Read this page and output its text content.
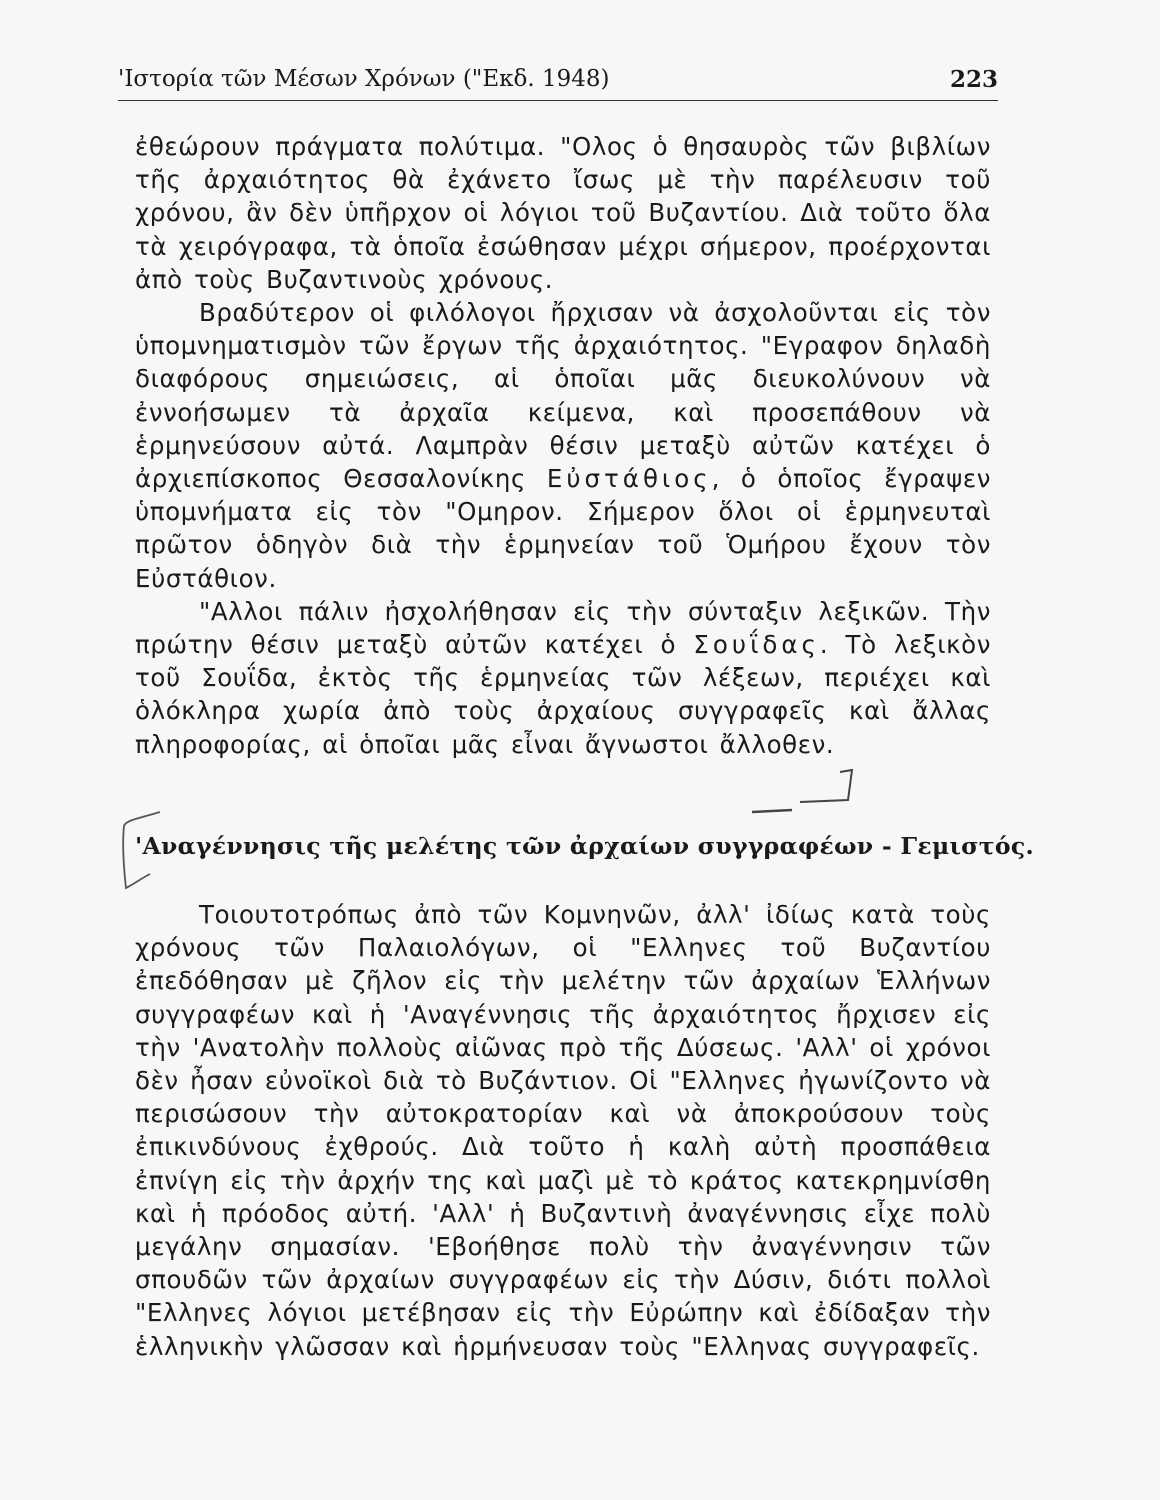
'Ιστορία τῶν Μέσων Χρόνων ("Εκδ. 1948)	223

ἐθεώρουν πράγματα πολύτιμα. "Ολος ὁ θησαυρὸς τῶν βιβλίων τῆς ἀρχαιότητος θὰ ἐχάνετο ἴσως μὲ τὴν παρέλευσιν τοῦ χρόνου, ἂν δὲν ὑπῆρχον οἱ λόγιοι τοῦ Βυζαντίου. Διὰ τοῦτο ὅλα τὰ χειρόγραφα, τὰ ὁποῖα ἐσώθησαν μέχρι σήμερον, προέρχονται ἀπὸ τοὺς Βυζαντινοὺς χρόνους.

Βραδύτερον οἱ φιλόλογοι ἤρχισαν νὰ ἀσχολοῦνται εἰς τὸν ὑπομνηματισμὸν τῶν ἔργων τῆς ἀρχαιότητος. "Εγραφον δηλαδὴ διαφόρους σημειώσεις, αἱ ὁποῖαι μᾶς διευκολύνουν νὰ ἐννοήσωμεν τὰ ἀρχαῖα κείμενα, καὶ προσεπάθουν νὰ ἑρμηνεύσουν αὐτά. Λαμπρὰν θέσιν μεταξὺ αὐτῶν κατέχει ὁ ἀρχιεπίσκοπος Θεσσαλονίκης Εὐστάθιος, ὁ ὁποῖος ἔγραψεν ὑπομνήματα εἰς τὸν "Ομηρον. Σήμερον ὅλοι οἱ ἑρμηνευταὶ πρῶτον ὁδηγὸν διὰ τὴν ἑρμηνείαν τοῦ Ὁμήρου ἔχουν τὸν Εὐστάθιον.

"Αλλοι πάλιν ἠσχολήθησαν εἰς τὴν σύνταξιν λεξικῶν. Τὴν πρώτην θέσιν μεταξὺ αὐτῶν κατέχει ὁ Σουΐδας. Τὸ λεξικὸν τοῦ Σουΐδα, ἐκτὸς τῆς ἑρμηνείας τῶν λέξεων, περιέχει καὶ ὁλόκληρα χωρία ἀπὸ τοὺς ἀρχαίους συγγραφεῖς καὶ ἄλλας πληροφορίας, αἱ ὁποῖαι μᾶς εἶναι ἄγνωστοι ἄλλοθεν.

'Αναγέννησις τῆς μελέτης τῶν ἀρχαίων συγγραφέων - Γεμιστός.

Τοιουτοτρόπως ἀπὸ τῶν Κομνηνῶν, ἀλλ' ἰδίως κατὰ τοὺς χρόνους τῶν Παλαιολόγων, οἱ "Ελληνες τοῦ Βυζαντίου ἐπεδόθησαν μὲ ζῆλον εἰς τὴν μελέτην τῶν ἀρχαίων Ἑλλήνων συγγραφέων καὶ ἡ 'Αναγέννησις τῆς ἀρχαιότητος ἤρχισεν εἰς τὴν 'Ανατολὴν πολλοὺς αἰῶνας πρὸ τῆς Δύσεως. 'Αλλ' οἱ χρόνοι δὲν ἦσαν εὐνοϊκοὶ διὰ τὸ Βυζάντιον. Οἱ "Ελληνες ἠγωνίζοντο νὰ περισώσουν τὴν αὐτοκρατορίαν καὶ νὰ ἀποκρούσουν τοὺς ἐπικινδύνους ἐχθρούς. Διὰ τοῦτο ἡ καλὴ αὐτὴ προσπάθεια ἐπνίγη εἰς τὴν ἀρχήν της καὶ μαζὶ μὲ τὸ κράτος κατεκρημνίσθη καὶ ἡ πρόοδος αὐτή. 'Αλλ' ἡ Βυζαντινὴ ἀναγέννησις εἶχε πολὺ μεγάλην σημασίαν. 'Εβοήθησε πολὺ τὴν ἀναγέννησιν τῶν σπουδῶν τῶν ἀρχαίων συγγραφέων εἰς τὴν Δύσιν, διότι πολλοὶ "Ελληνες λόγιοι μετέβησαν εἰς τὴν Εὐρώπην καὶ ἐδίδαξαν τὴν ἑλληνικὴν γλῶσσαν καὶ ἡρμήνευσαν τοὺς "Ελληνας συγγραφεῖς.
